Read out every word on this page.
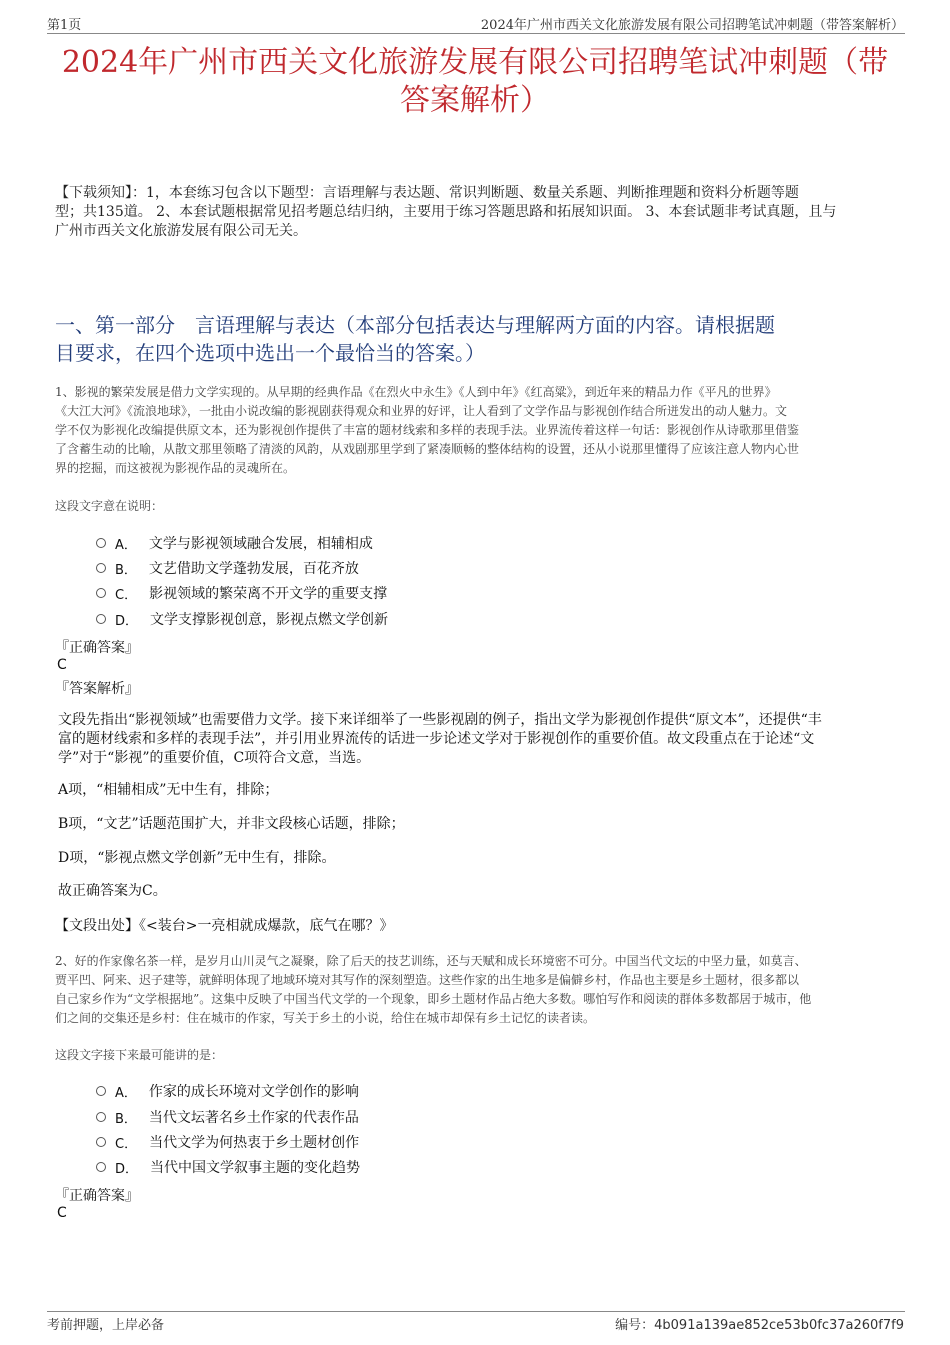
第1页	2024年广州市西关文化旅游发展有限公司招聘笔试冲刺题（带答案解析）
2024年广州市西关文化旅游发展有限公司招聘笔试冲刺题（带
答案解析）
【下载须知】：1，本套练习包含以下题型：言语理解与表达题、常识判断题、数量关系题、判断推理题和资料分析题等题
型；共135道。 2、本套试题根据常见招考题总结归纳，主要用于练习答题思路和拓展知识面。 3、本套试题非考试真题，且与
广州市西关文化旅游发展有限公司无关。
一、第一部分　言语理解与表达（本部分包括表达与理解两方面的内容。请根据题
目要求，在四个选项中选出一个最恰当的答案。）
1、影视的繁荣发展是借力文学实现的。从早期的经典作品《在烈火中永生》《人到中年》《红高粱》，到近年来的精品力作《平凡的世界》
《大江大河》《流浪地球》，一批由小说改编的影视剧获得观众和业界的好评，让人看到了文学作品与影视创作结合所迸发出的动人魅力。文
学不仅为影视化改编提供原文本，还为影视创作提供了丰富的题材线索和多样的表现手法。业界流传着这样一句话：影视创作从诗歌那里借鉴
了含蓄生动的比喻，从散文那里领略了清淡的风韵，从戏剧那里学到了紧凑顺畅的整体结构的设置，还从小说那里懂得了应该注意人物内心世
界的挖掘，而这被视为影视作品的灵魂所在。
这段文字意在说明：
A． 文学与影视领域融合发展，相辅相成
B． 文艺借助文学蓬勃发展，百花齐放
C． 影视领域的繁荣离不开文学的重要支撑
D． 文学支撑影视创意，影视点燃文学创新
『正确答案』
C
『答案解析』
文段先指出“影视领域”也需要借力文学。接下来详细举了一些影视剧的例子，指出文学为影视创作提供“原文本”，还提供“丰
富的题材线索和多样的表现手法”，并引用业界流传的话进一步论述文学对于影视创作的重要价值。故文段重点在于论述“文
学”对于“影视”的重要价值，C项符合文意，当选。
A项，“相辅相成”无中生有，排除；
B项，“文艺”话题范围扩大，并非文段核心话题，排除；
D项，“影视点燃文学创新”无中生有，排除。
故正确答案为C。
【文段出处】《<装台>一亮相就成爆款，底气在哪？》
2、好的作家像名茶一样，是岁月山川灵气之凝聚，除了后天的技艺训练，还与天赋和成长环境密不可分。中国当代文坛的中坚力量，如莫言、
贾平凹、阿来、迟子建等，就鲜明体现了地域环境对其写作的深刻塑造。这些作家的出生地多是偏僻乡村，作品也主要是乡土题材，很多都以
自己家乡作为“文学根据地”。这集中反映了中国当代文学的一个现象，即乡土题材作品占绝大多数。哪怕写作和阅读的群体多数都居于城市，他
们之间的交集还是乡村：住在城市的作家，写关于乡土的小说，给住在城市却保有乡土记忆的读者读。
这段文字接下来最可能讲的是：
A． 作家的成长环境对文学创作的影响
B． 当代文坛著名乡土作家的代表作品
C． 当代文学为何热衷于乡土题材创作
D． 当代中国文学叙事主题的变化趋势
『正确答案』
C
考前押题，上岸必备	编号：4b091a139ae852ce53b0fc37a260f7f9
